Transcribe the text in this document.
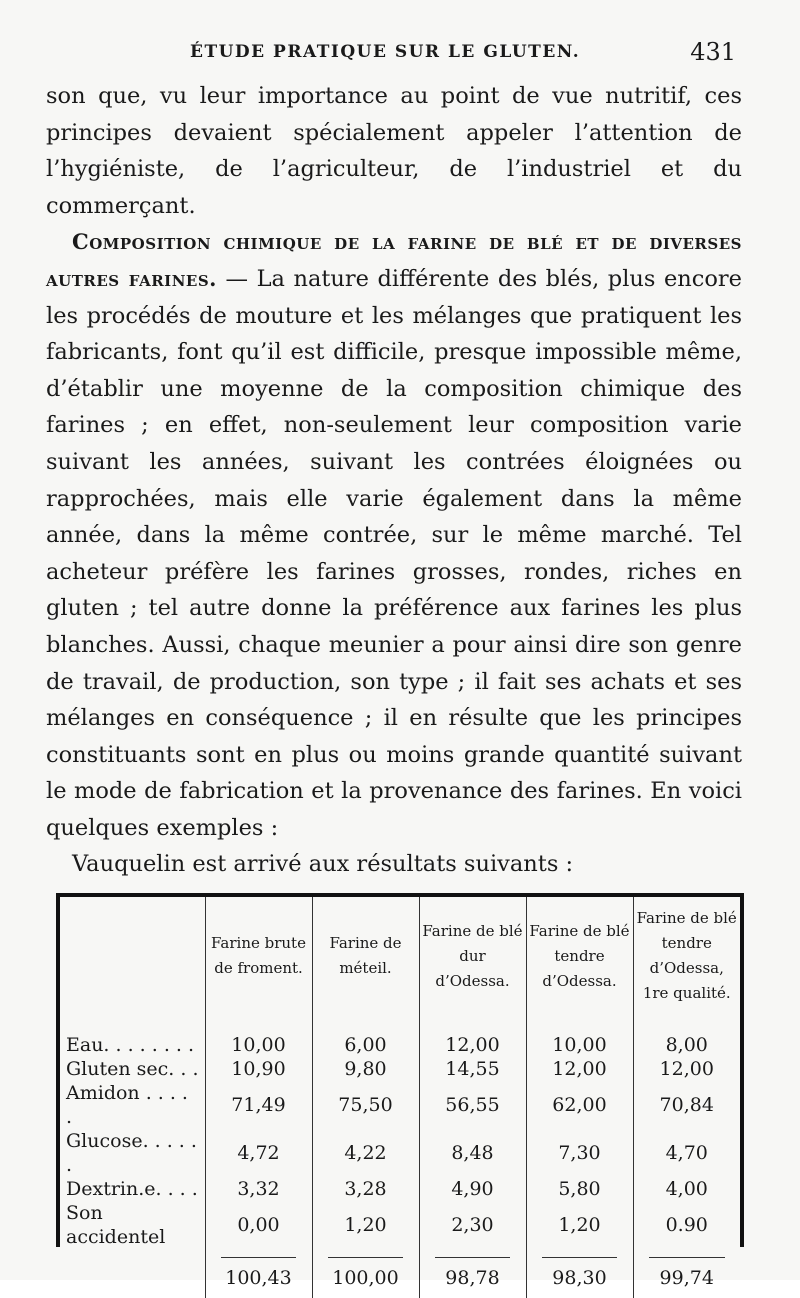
ÉTUDE PRATIQUE SUR LE GLUTEN.	431

son que, vu leur importance au point de vue nutritif, ces principes devaient spécialement appeler l’attention de l’hygiéniste, de l’agriculteur, de l’industriel et du commerçant.

Composition chimique de la farine de blé et de diverses autres farines. — La nature différente des blés, plus encore les procédés de mouture et les mélanges que pratiquent les fabricants, font qu’il est difficile, presque impossible même, d’établir une moyenne de la composition chimique des farines ; en effet, non-seulement leur composition varie suivant les années, suivant les contrées éloignées ou rapprochées, mais elle varie également dans la même année, dans la même contrée, sur le même marché. Tel acheteur préfère les farines grosses, rondes, riches en gluten ; tel autre donne la préférence aux farines les plus blanches. Aussi, chaque meunier a pour ainsi dire son genre de travail, de production, son type ; il fait ses achats et ses mélanges en conséquence ; il en résulte que les principes constituants sont en plus ou moins grande quantité suivant le mode de fabrication et la provenance des farines. En voici quelques exemples :

Vauquelin est arrivé aux résultats suivants :

	Farine brute de froment.	Farine de méteil.	Farine de blé dur d’Odessa.	Farine de blé tendre d’Odessa.	Farine de blé tendre d’Odessa, 1re qualité.
Eau. . . . . . . .	10,00	6,00	12,00	10,00	8,00
Gluten sec. . .	10,90	9,80	14,55	12,00	12,00
Amidon . . . . .	71,49	75,50	56,55	62,00	70,84
Glucose. . . . . .	4,72	4,22	8,48	7,30	4,70
Dextrin.e. . . .	3,32	3,28	4,90	5,80	4,00
Son accidentel	0,00	1,20	2,30	1,20	0.90
	100,43	100,00	98,78	98,30	99,74
